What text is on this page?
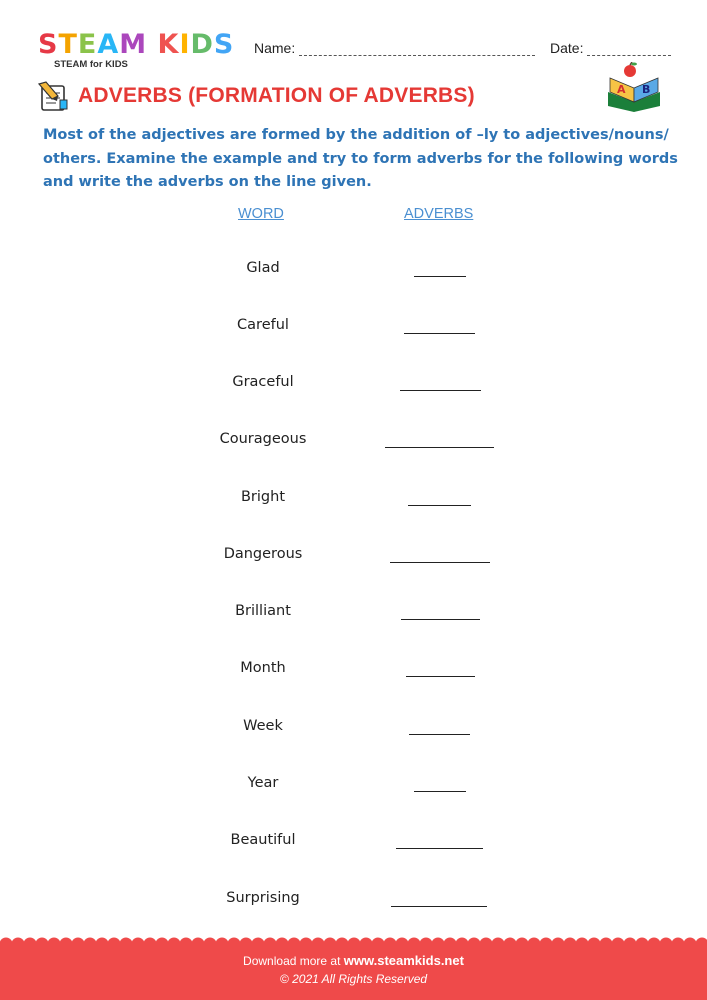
STEAM KIDS
STEAM for KIDS
Name:	Date:
ADVERBS (FORMATION OF ADVERBS)	A B
Most of the adjectives are formed by the addition of –ly to adjectives/nouns/
others. Examine the example and try to form adverbs for the following words
and write the adverbs on the line given.
WORD	ADVERBS
Glad
Careful
Graceful
Courageous
Bright
Dangerous
Brilliant
Month
Week
Year
Beautiful
Surprising
Download more at www.steamkids.net
© 2021 All Rights Reserved
